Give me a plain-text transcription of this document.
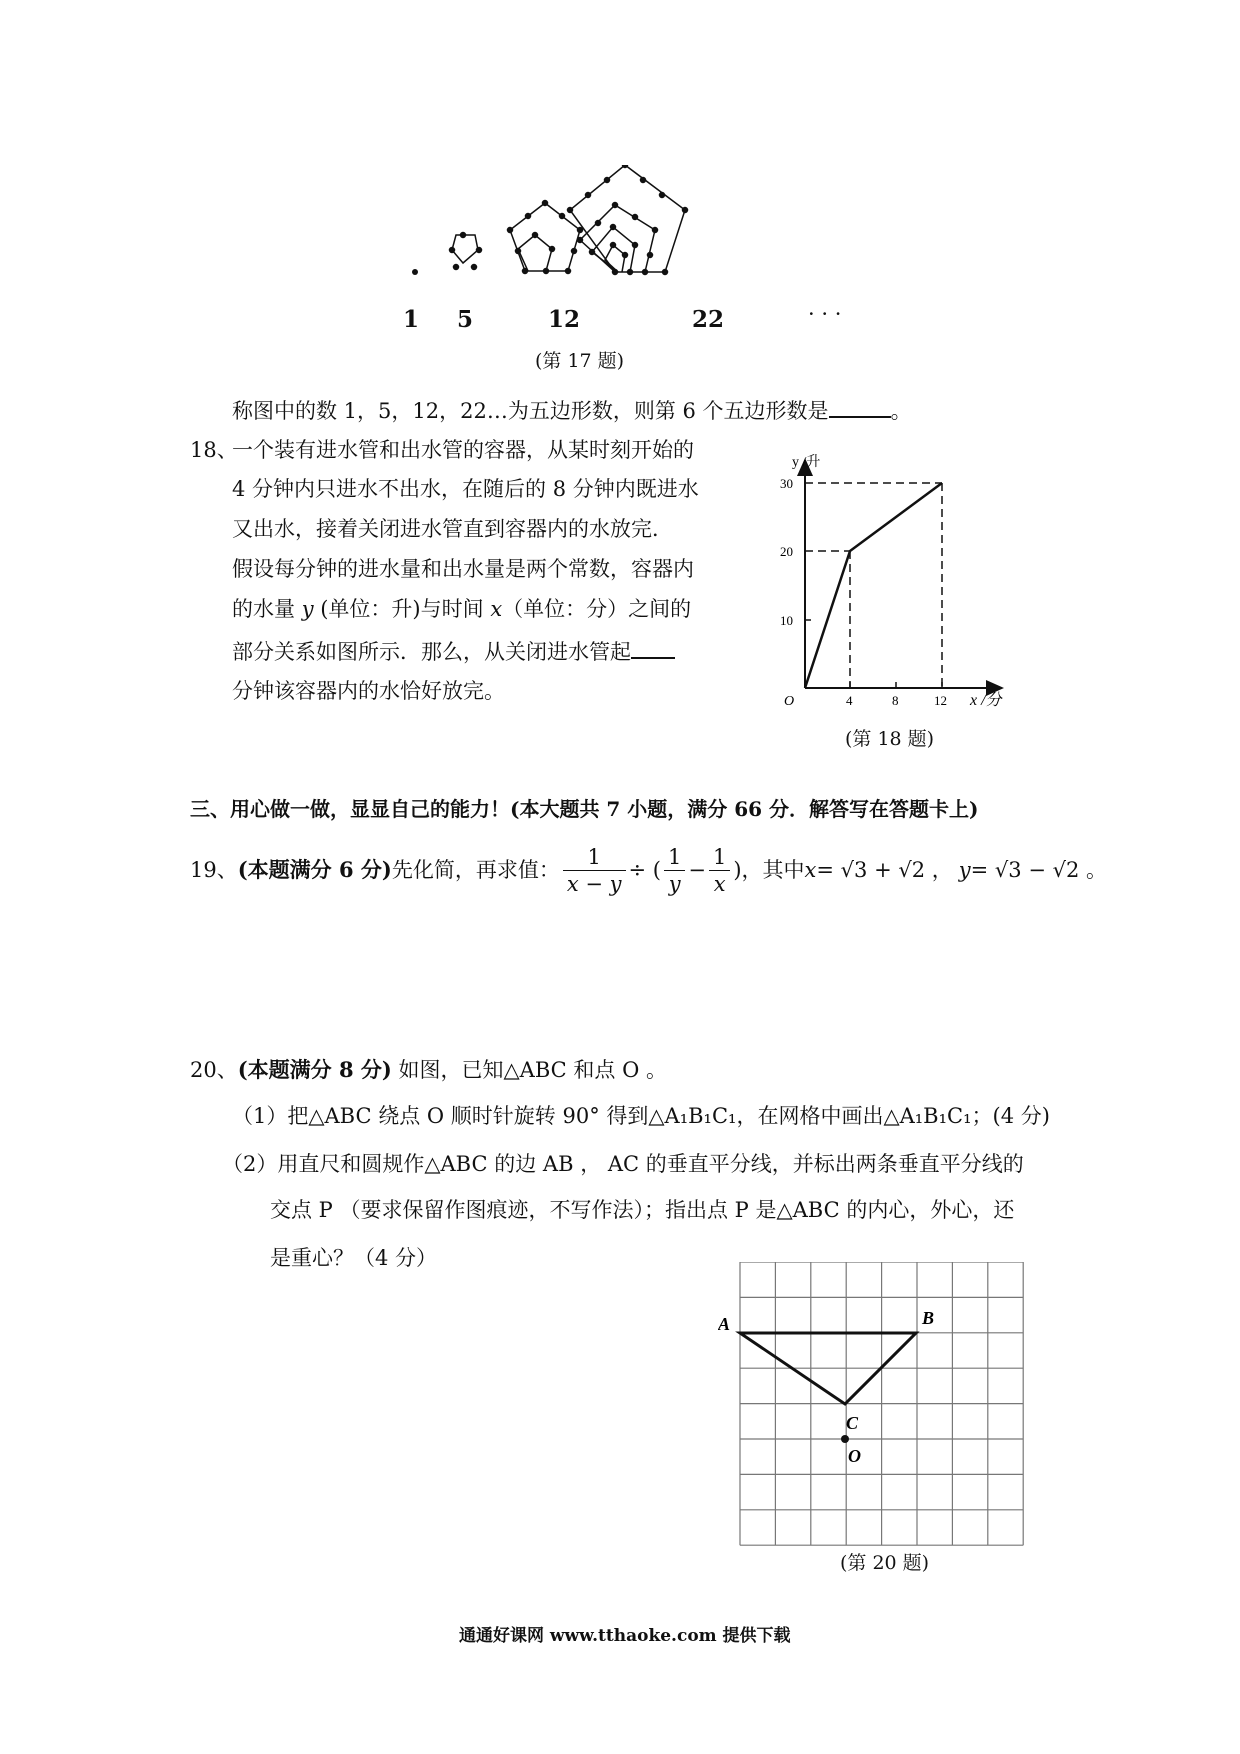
1 5	12	22	· · ·
(第 17 题)
称图中的数 1，5，12，22…为五边形数，则第 6 个五边形数是	。
18、
一个装有进水管和出水管的容器，从某时刻开始的
4 分钟内只进水不出水，在随后的 8 分钟内既进水
又出水，接着关闭进水管直到容器内的水放完．
假设每分钟的进水量和出水量是两个常数，容器内
的水量 y (单位：升)与时间 x（单位：分）之间的
部分关系如图所示．那么，从关闭进水管起
分钟该容器内的水恰好放完。
y /升
x /分
O
30
20
10
4	8	12
(第 18 题)
三、用心做一做，显显自己的能力！(本大题共 7 小题，满分 66 分．解答写在答题卡上)
19、 (本题满分 6 分) 先化简，再求值： $\frac{1}{x - y}$ ÷ ( $\frac{1}{y} - \frac{1}{x}$ )，其中 x = √3 + √2 ， y = √3 − √2 。
20、(本题满分 8 分) 如图，已知△ABC 和点 O 。
（1）把△ABC 绕点 O 顺时针旋转 90° 得到△A₁B₁C₁，在网格中画出△A₁B₁C₁；(4 分)
（2）用直尺和圆规作△ABC 的边 AB ， AC 的垂直平分线，并标出两条垂直平分线的
交点 P （要求保留作图痕迹，不写作法）；指出点 P 是△ABC 的内心，外心，还
是重心？（4 分）
A	B
C
O
(第 20 题)
通通好课网 www.tthaoke.com 提供下载
